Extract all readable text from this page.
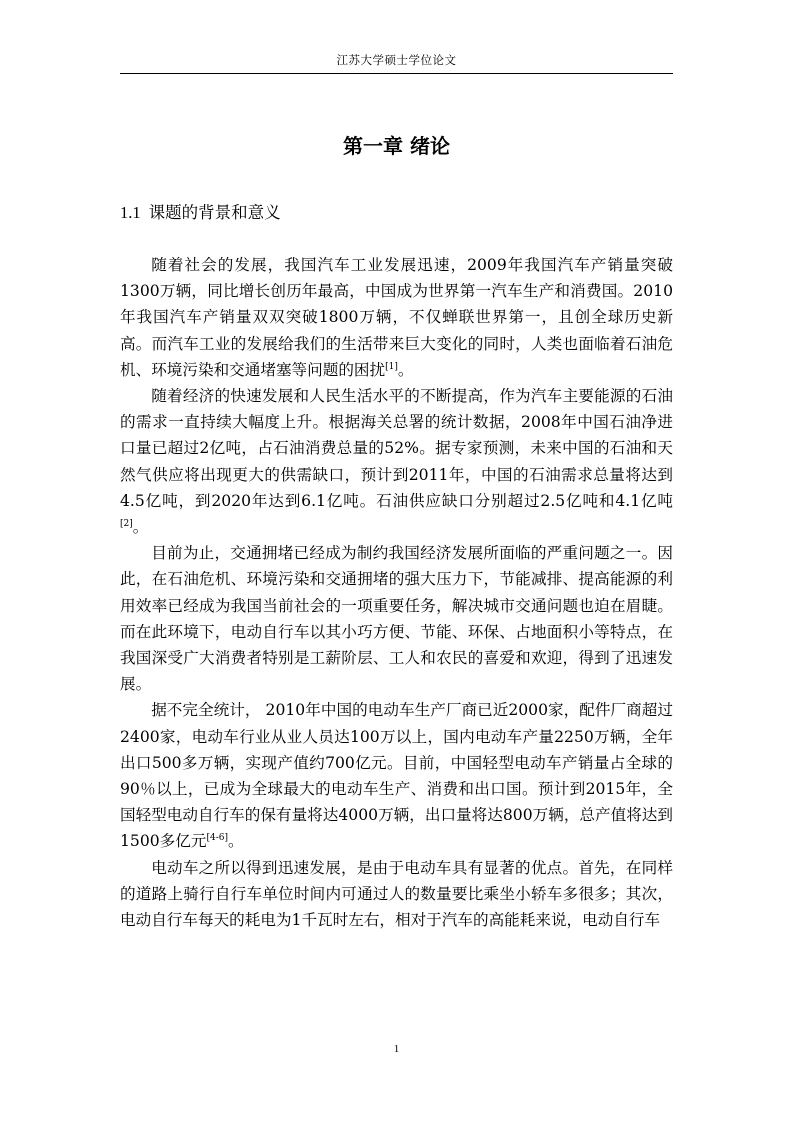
江苏大学硕士学位论文
第一章 绪论
1.1 课题的背景和意义

随着社会的发展，我国汽车工业发展迅速，2009年我国汽车产销量突破1300万辆，同比增长创历年最高，中国成为世界第一汽车生产和消费国。2010年我国汽车产销量双双突破1800万辆，不仅蝉联世界第一，且创全球历史新高。而汽车工业的发展给我们的生活带来巨大变化的同时，人类也面临着石油危机、环境污染和交通堵塞等问题的困扰[1]。

随着经济的快速发展和人民生活水平的不断提高，作为汽车主要能源的石油的需求一直持续大幅度上升。根据海关总署的统计数据，2008年中国石油净进口量已超过2亿吨，占石油消费总量的52%。据专家预测，未来中国的石油和天然气供应将出现更大的供需缺口，预计到2011年，中国的石油需求总量将达到4.5亿吨，到2020年达到6.1亿吨。石油供应缺口分别超过2.5亿吨和4.1亿吨[2]。

目前为止，交通拥堵已经成为制约我国经济发展所面临的严重问题之一。因此，在石油危机、环境污染和交通拥堵的强大压力下，节能减排、提高能源的利用效率已经成为我国当前社会的一项重要任务，解决城市交通问题也迫在眉睫。而在此环境下，电动自行车以其小巧方便、节能、环保、占地面积小等特点，在我国深受广大消费者特别是工薪阶层、工人和农民的喜爱和欢迎，得到了迅速发展。

据不完全统计， 2010年中国的电动车生产厂商已近2000家，配件厂商超过2400家，电动车行业从业人员达100万以上，国内电动车产量2250万辆，全年出口500多万辆，实现产值约700亿元。目前，中国轻型电动车产销量占全球的90％以上，已成为全球最大的电动车生产、消费和出口国。预计到2015年，全国轻型电动自行车的保有量将达4000万辆，出口量将达800万辆，总产值将达到1500多亿元[4-6]。

电动车之所以得到迅速发展，是由于电动车具有显著的优点。首先，在同样的道路上骑行自行车单位时间内可通过人的数量要比乘坐小轿车多很多；其次，电动自行车每天的耗电为1千瓦时左右，相对于汽车的高能耗来说，电动自行车

1
